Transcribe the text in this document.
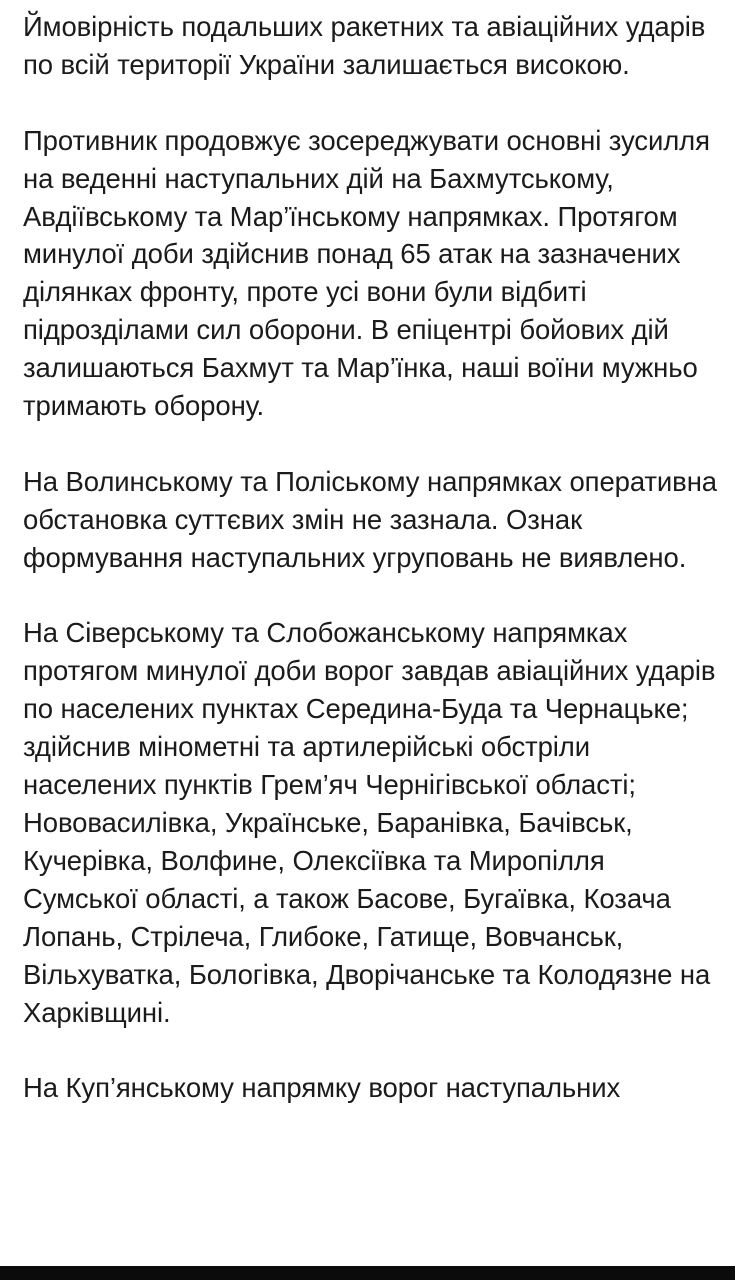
Ймовірність подальших ракетних та авіаційних ударів по всій території України залишається високою.

Противник продовжує зосереджувати основні зусилля на веденні наступальних дій на Бахмутському, Авдіївському та Мар’їнському напрямках. Протягом минулої доби здійснив понад 65 атак на зазначених ділянках фронту, проте усі вони були відбиті підрозділами сил оборони. В епіцентрі бойових дій залишаються Бахмут та Мар’їнка, наші воїни мужньо тримають оборону.

На Волинському та Поліському напрямках оперативна обстановка суттєвих змін не зазнала. Ознак формування наступальних угруповань не виявлено.

На Сіверському та Слобожанському напрямках протягом минулої доби ворог завдав авіаційних ударів по населених пунктах Середина-Буда та Чернацьке; здійснив мінометні та артилерійські обстріли населених пунктів Грем’яч Чернігівської області; Нововасилівка, Українське, Баранівка, Бачівськ, Кучерівка, Волфине, Олексіївка та Миропілля Сумської області, а також Басове, Бугаївка, Козача Лопань, Стрілеча, Глибоке, Гатище, Вовчанськ, Вільхуватка, Бологівка, Дворічанське та Колодязне на Харківщині.

На Куп’янському напрямку ворог наступальних
